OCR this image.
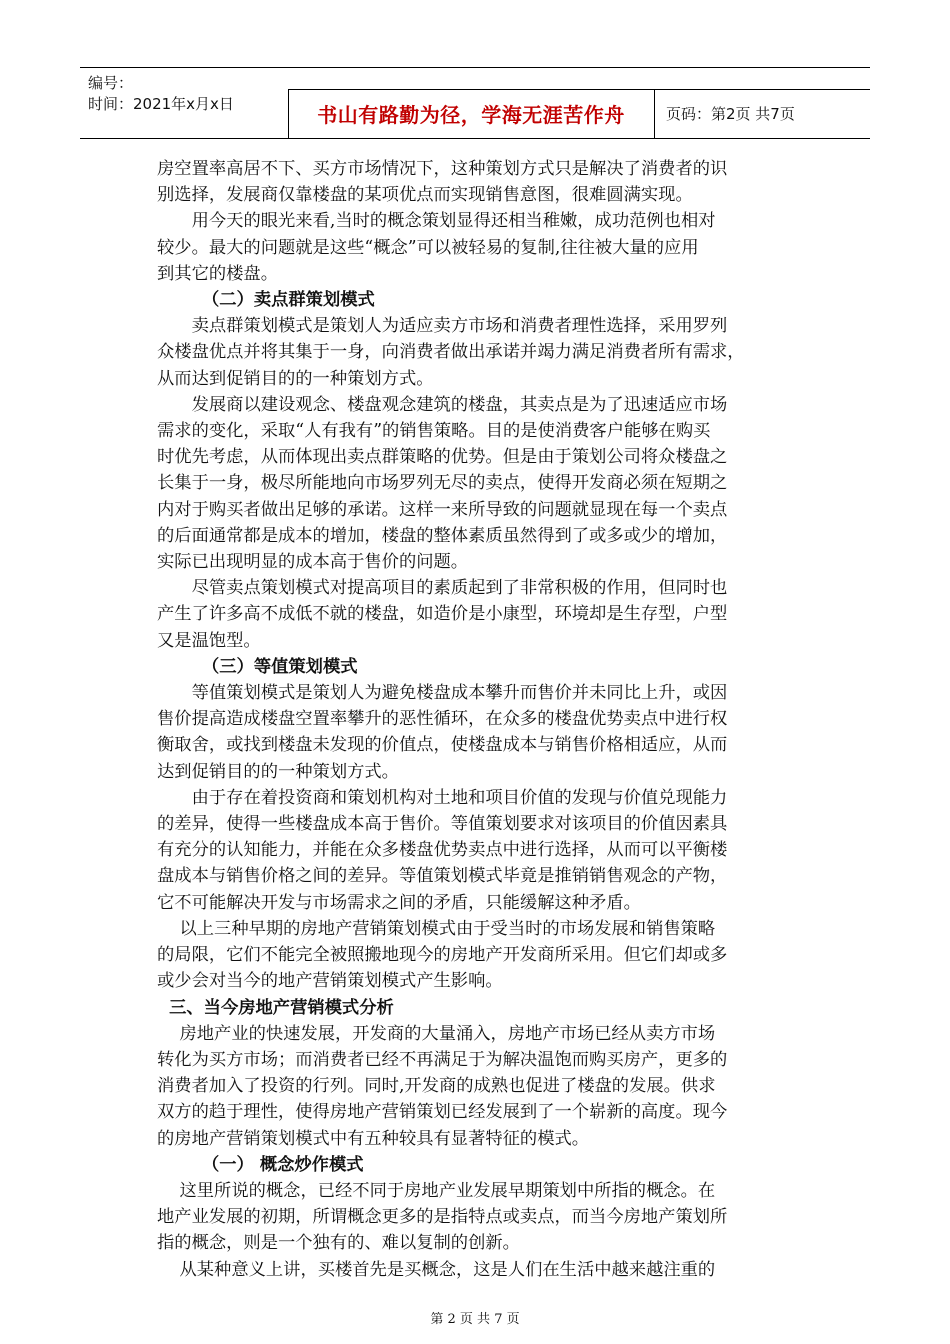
编号：
时间：2021年x月x日	书山有路勤为径，学海无涯苦作舟	页码：第2页 共7页

房空置率高居不下、买方市场情况下，这种策划方式只是解决了消费者的识

别选择，发展商仅靠楼盘的某项优点而实现销售意图，很难圆满实现。

用今天的眼光来看,当时的概念策划显得还相当稚嫩，成功范例也相对

较少。最大的问题就是这些“概念”可以被轻易的复制,往往被大量的应用

到其它的楼盘。

（二）卖点群策划模式

卖点群策划模式是策划人为适应卖方市场和消费者理性选择，采用罗列

众楼盘优点并将其集于一身，向消费者做出承诺并竭力满足消费者所有需求，

从而达到促销目的的一种策划方式。

发展商以建设观念、楼盘观念建筑的楼盘，其卖点是为了迅速适应市场

需求的变化，采取“人有我有”的销售策略。目的是使消费客户能够在购买

时优先考虑，从而体现出卖点群策略的优势。但是由于策划公司将众楼盘之

长集于一身，极尽所能地向市场罗列无尽的卖点，使得开发商必须在短期之

内对于购买者做出足够的承诺。这样一来所导致的问题就显现在每一个卖点

的后面通常都是成本的增加，楼盘的整体素质虽然得到了或多或少的增加，

实际已出现明显的成本高于售价的问题。

尽管卖点策划模式对提高项目的素质起到了非常积极的作用，但同时也

产生了许多高不成低不就的楼盘，如造价是小康型，环境却是生存型，户型

又是温饱型。

（三）等值策划模式

等值策划模式是策划人为避免楼盘成本攀升而售价并未同比上升，或因

售价提高造成楼盘空置率攀升的恶性循环，在众多的楼盘优势卖点中进行权

衡取舍，或找到楼盘未发现的价值点，使楼盘成本与销售价格相适应，从而

达到促销目的的一种策划方式。

由于存在着投资商和策划机构对土地和项目价值的发现与价值兑现能力

的差异，使得一些楼盘成本高于售价。等值策划要求对该项目的价值因素具

有充分的认知能力，并能在众多楼盘优势卖点中进行选择，从而可以平衡楼

盘成本与销售价格之间的差异。等值策划模式毕竟是推销销售观念的产物，

它不可能解决开发与市场需求之间的矛盾，只能缓解这种矛盾。

以上三种早期的房地产营销策划模式由于受当时的市场发展和销售策略

的局限，它们不能完全被照搬地现今的房地产开发商所采用。但它们却或多

或少会对当今的地产营销策划模式产生影响。

三、当今房地产营销模式分析

房地产业的快速发展，开发商的大量涌入，房地产市场已经从卖方市场

转化为买方市场；而消费者已经不再满足于为解决温饱而购买房产，更多的

消费者加入了投资的行列。同时,开发商的成熟也促进了楼盘的发展。供求

双方的趋于理性，使得房地产营销策划已经发展到了一个崭新的高度。现今

的房地产营销策划模式中有五种较具有显著特征的模式。

（一） 概念炒作模式

这里所说的概念，已经不同于房地产业发展早期策划中所指的概念。在

地产业发展的初期，所谓概念更多的是指特点或卖点，而当今房地产策划所

指的概念，则是一个独有的、难以复制的创新。

从某种意义上讲，买楼首先是买概念，这是人们在生活中越来越注重的

第 2 页 共 7 页
